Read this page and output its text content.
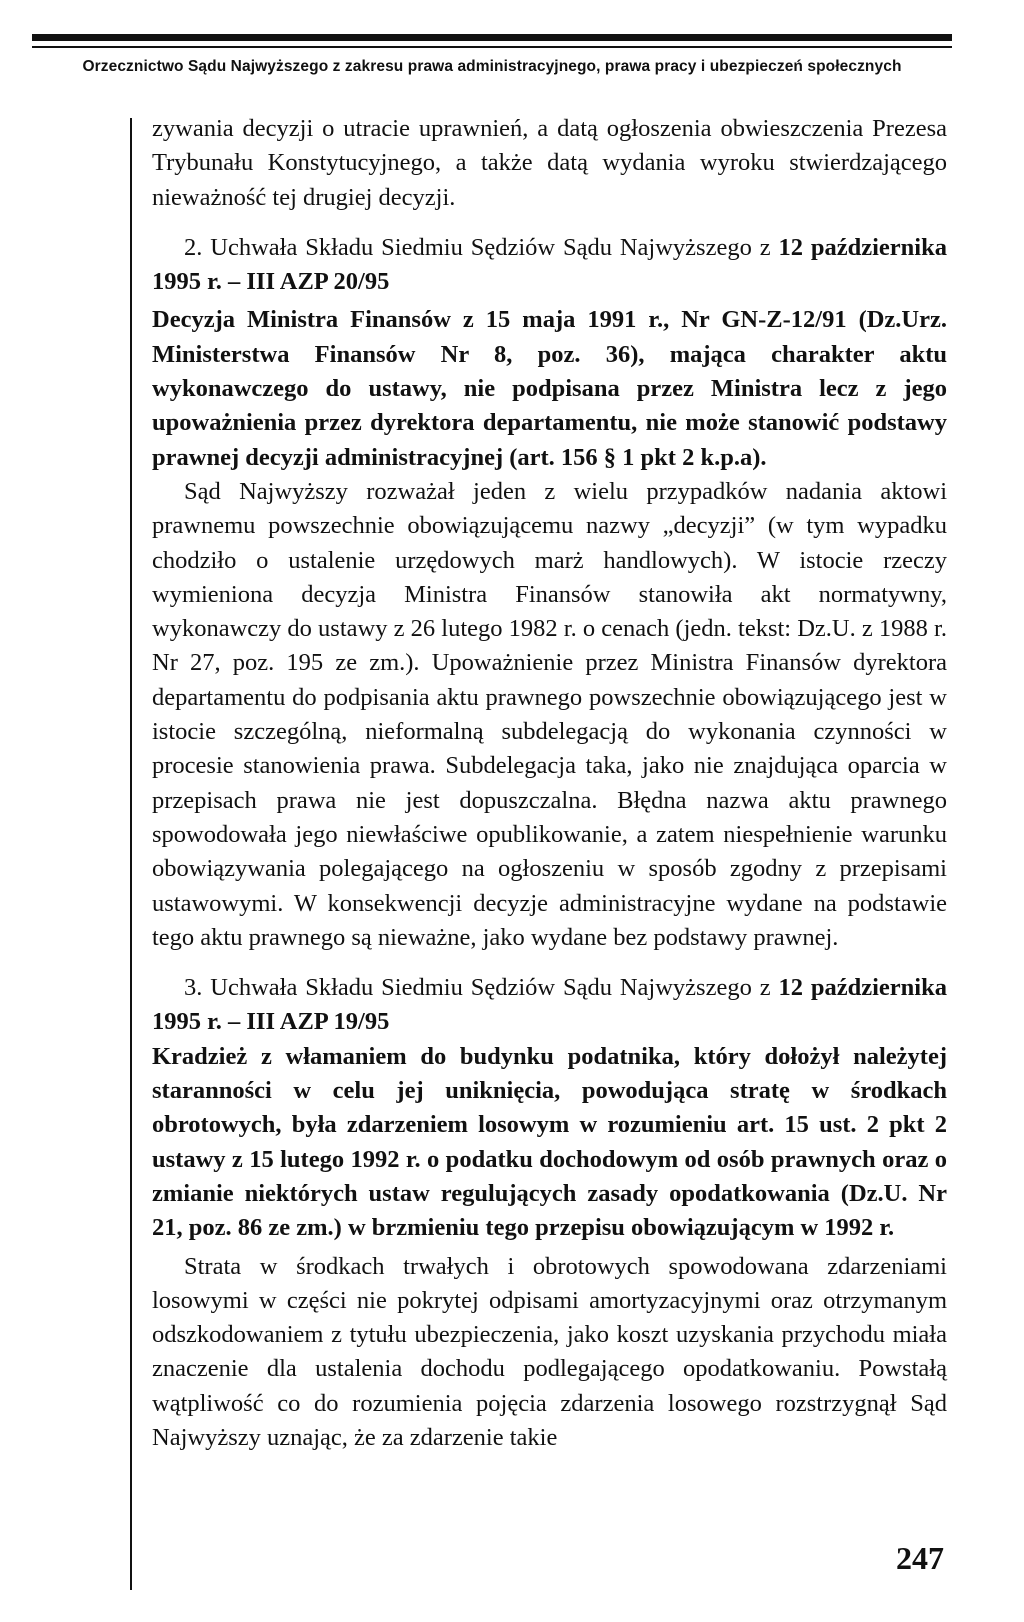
Orzecznictwo Sądu Najwyższego z zakresu prawa administracyjnego, prawa pracy i ubezpieczeń społecznych

zywania decyzji o utracie uprawnień, a datą ogłoszenia obwieszczenia Prezesa Trybunału Konstytucyjnego, a także datą wydania wyroku stwierdzającego nieważność tej drugiej decyzji.

2. Uchwała Składu Siedmiu Sędziów Sądu Najwyższego z 12 października 1995 r. – III AZP 20/95

Decyzja Ministra Finansów z 15 maja 1991 r., Nr GN-Z-12/91 (Dz.Urz. Ministerstwa Finansów Nr 8, poz. 36), mająca charakter aktu wykonawczego do ustawy, nie podpisana przez Ministra lecz z jego upoważnienia przez dyrektora departamentu, nie może stanowić podstawy prawnej decyzji administracyjnej (art. 156 § 1 pkt 2 k.p.a).

Sąd Najwyższy rozważał jeden z wielu przypadków nadania aktowi prawnemu powszechnie obowiązującemu nazwy „decyzji” (w tym wypadku chodziło o ustalenie urzędowych marż handlowych). W istocie rzeczy wymieniona decyzja Ministra Finansów stanowiła akt normatywny, wykonawczy do ustawy z 26 lutego 1982 r. o cenach (jedn. tekst: Dz.U. z 1988 r. Nr 27, poz. 195 ze zm.). Upoważnienie przez Ministra Finansów dyrektora departamentu do podpisania aktu prawnego powszechnie obowiązującego jest w istocie szczególną, nieformalną subdelegacją do wykonania czynności w procesie stanowienia prawa. Subdelegacja taka, jako nie znajdująca oparcia w przepisach prawa nie jest dopuszczalna. Błędna nazwa aktu prawnego spowodowała jego niewłaściwe opublikowanie, a zatem niespełnienie warunku obowiązywania polegającego na ogłoszeniu w sposób zgodny z przepisami ustawowymi. W konsekwencji decyzje administracyjne wydane na podstawie tego aktu prawnego są nieważne, jako wydane bez podstawy prawnej.

3. Uchwała Składu Siedmiu Sędziów Sądu Najwyższego z 12 października 1995 r. – III AZP 19/95

Kradzież z włamaniem do budynku podatnika, który dołożył należytej staranności w celu jej uniknięcia, powodująca stratę w środkach obrotowych, była zdarzeniem losowym w rozumieniu art. 15 ust. 2 pkt 2 ustawy z 15 lutego 1992 r. o podatku dochodowym od osób prawnych oraz o zmianie niektórych ustaw regulujących zasady opodatkowania (Dz.U. Nr 21, poz. 86 ze zm.) w brzmieniu tego przepisu obowiązującym w 1992 r.

Strata w środkach trwałych i obrotowych spowodowana zdarzeniami losowymi w części nie pokrytej odpisami amortyzacyjnymi oraz otrzymanym odszkodowaniem z tytułu ubezpieczenia, jako koszt uzyskania przychodu miała znaczenie dla ustalenia dochodu podlegającego opodatkowaniu. Powstałą wątpliwość co do rozumienia pojęcia zdarzenia losowego rozstrzygnął Sąd Najwyższy uznając, że za zdarzenie takie

247
